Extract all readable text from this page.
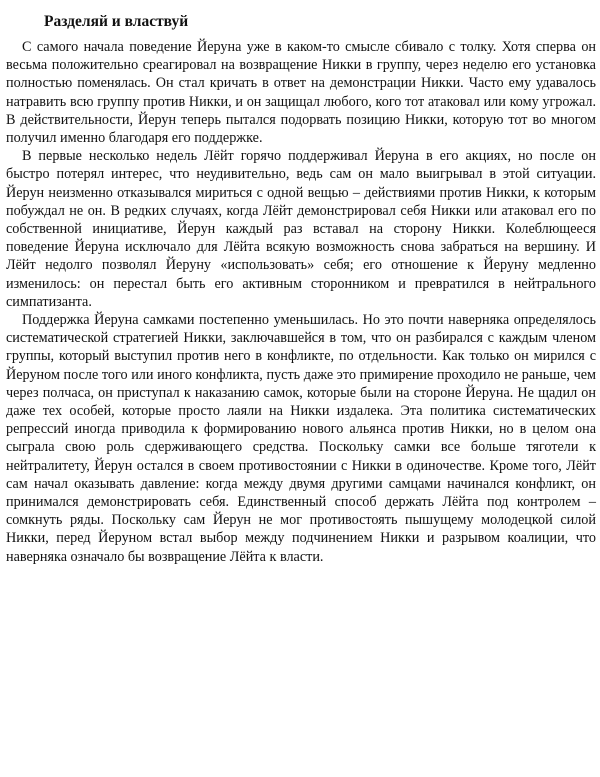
Разделяй и властвуй

С самого начала поведение Йеруна уже в каком-то смысле сбивало с толку. Хотя сперва он весьма положительно среагировал на возвращение Никки в группу, через неделю его установка полностью поменялась. Он стал кричать в ответ на демонстрации Никки. Часто ему удавалось натравить всю группу против Никки, и он защищал любого, кого тот атаковал или кому угрожал. В действительности, Йерун теперь пытался подорвать позицию Никки, которую тот во многом получил именно благодаря его поддержке.

В первые несколько недель Лёйт горячо поддерживал Йеруна в его акциях, но после он быстро потерял интерес, что неудивительно, ведь сам он мало выигрывал в этой ситуации. Йерун неизменно отказывался мириться с одной вещью – действиями против Никки, к которым побуждал не он. В редких случаях, когда Лёйт демонстрировал себя Никки или атаковал его по собственной инициативе, Йерун каждый раз вставал на сторону Никки. Колеблющееся поведение Йеруна исключало для Лёйта всякую возможность снова забраться на вершину. И Лёйт недолго позволял Йеруну «использовать» себя; его отношение к Йеруну медленно изменилось: он перестал быть его активным сторонником и превратился в нейтрального симпатизанта.

Поддержка Йеруна самками постепенно уменьшилась. Но это почти наверняка определялось систематической стратегией Никки, заключавшейся в том, что он разбирался с каждым членом группы, который выступил против него в конфликте, по отдельности. Как только он мирился с Йеруном после того или иного конфликта, пусть даже это примирение проходило не раньше, чем через полчаса, он приступал к наказанию самок, которые были на стороне Йеруна. Не щадил он даже тех особей, которые просто лаяли на Никки издалека. Эта политика систематических репрессий иногда приводила к формированию нового альянса против Никки, но в целом она сыграла свою роль сдерживающего средства. Поскольку самки все больше тяготели к нейтралитету, Йерун остался в своем противостоянии с Никки в одиночестве. Кроме того, Лёйт сам начал оказывать давление: когда между двумя другими самцами начинался конфликт, он принимался демонстрировать себя. Единственный способ держать Лёйта под контролем – сомкнуть ряды. Поскольку сам Йерун не мог противостоять пышущему молодецкой силой Никки, перед Йеруном встал выбор между подчинением Никки и разрывом коалиции, что наверняка означало бы возвращение Лёйта к власти.
